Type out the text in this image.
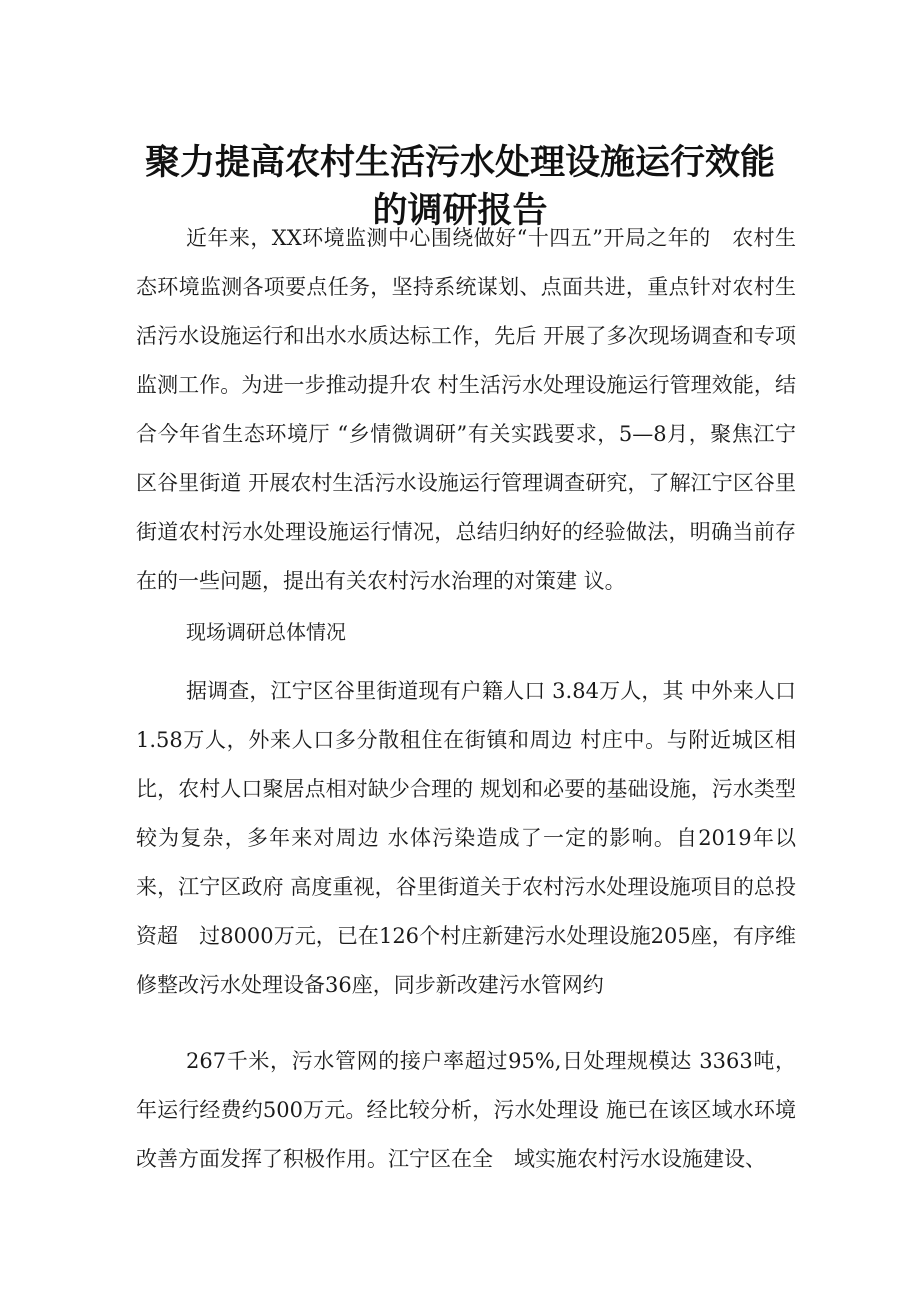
聚力提高农村生活污水处理设施运行效能的调研报告

近年来，XX环境监测中心围绕做好“十四五”开局之年的　农村生态环境监测各项要点任务，坚持系统谋划、点面共进，重点针对农村生活污水设施运行和出水水质达标工作，先后 开展了多次现场调查和专项监测工作。为进一步推动提升农 村生活污水处理设施运行管理效能，结合今年省生态环境厅 “乡情微调研”有关实践要求，5—8月，聚焦江宁区谷里街道 开展农村生活污水设施运行管理调查研究，了解江宁区谷里 街道农村污水处理设施运行情况，总结归纳好的经验做法，明确当前存在的一些问题，提出有关农村污水治理的对策建 议。

现场调研总体情况

据调查，江宁区谷里街道现有户籍人口 3.84万人，其 中外来人口 1.58万人，外来人口多分散租住在街镇和周边 村庄中。与附近城区相比，农村人口聚居点相对缺少合理的 规划和必要的基础设施，污水类型较为复杂，多年来对周边 水体污染造成了一定的影响。自2019年以来，江宁区政府 高度重视，谷里街道关于农村污水处理设施项目的总投资超　过8000万元，已在126个村庄新建污水处理设施205座，有序维修整改污水处理设备36座，同步新改建污水管网约

267千米，污水管网的接户率超过95%,日处理规模达 3363吨，年运行经费约500万元。经比较分析，污水处理设 施已在该区域水环境改善方面发挥了积极作用。江宁区在全　域实施农村污水设施建设、
